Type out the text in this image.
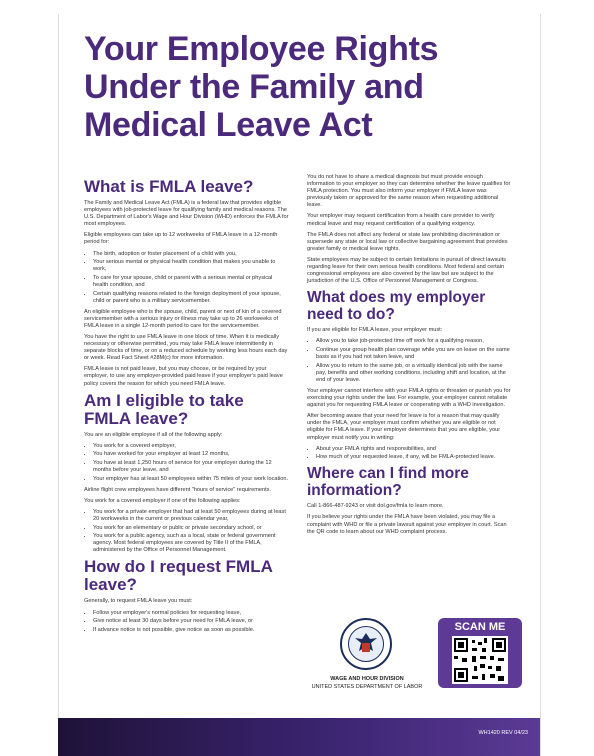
Your Employee Rights Under the Family and Medical Leave Act
What is FMLA leave?

The Family and Medical Leave Act (FMLA) is a federal law that provides eligible employees with job-protected leave for qualifying family and medical reasons. The U.S. Department of Labor's Wage and Hour Division (WHD) enforces the FMLA for most employees.

Eligible employees can take up to 12 workweeks of FMLA leave in a 12-month period for:

• The birth, adoption or foster placement of a child with you,
• Your serious mental or physical health condition that makes you unable to work,
• To care for your spouse, child or parent with a serious mental or physical health condition, and
• Certain qualifying reasons related to the foreign deployment of your spouse, child or parent who is a military servicemember.

An eligible employee who is the spouse, child, parent or next of kin of a covered servicemember with a serious injury or illness may take up to 26 workweeks of FMLA leave in a single 12-month period to care for the servicemember.

You have the right to use FMLA leave in one block of time. When it is medically necessary or otherwise permitted, you may take FMLA leave intermittently in separate blocks of time, or on a reduced schedule by working less hours each day or week. Read Fact Sheet #28M(c) for more information.

FMLA leave is not paid leave, but you may choose, or be required by your employer, to use any employer-provided paid leave if your employer's paid leave policy covers the reason for which you need FMLA leave.

Am I eligible to take FMLA leave?

You are an eligible employee if all of the following apply:

• You work for a covered employer,
• You have worked for your employer at least 12 months,
• You have at least 1,250 hours of service for your employer during the 12 months before your leave, and
• Your employer has at least 50 employees within 75 miles of your work location.

Airline flight crew employees have different "hours of service" requirements.

You work for a covered employer if one of the following applies:

• You work for a private employer that had at least 50 employees during at least 20 workweeks in the current or previous calendar year,
• You work for an elementary or public or private secondary school, or
• You work for a public agency, such as a local, state or federal government agency. Most federal employees are covered by Title II of the FMLA, administered by the Office of Personnel Management.
How do I request FMLA leave?

Generally, to request FMLA leave you must:

• Follow your employer's normal policies for requesting leave,
• Give notice at least 30 days before your need for FMLA leave, or
• If advance notice is not possible, give notice as soon as possible.

You do not have to share a medical diagnosis but must provide enough information to your employer so they can determine whether the leave qualifies for FMLA protection. You must also inform your employer if FMLA leave was previously taken or approved for the same reason when requesting additional leave.

Your employer may request certification from a health care provider to verify medical leave and may request certification of a qualifying exigency.

The FMLA does not affect any federal or state law prohibiting discrimination or supersede any state or local law or collective bargaining agreement that provides greater family or medical leave rights.

State employees may be subject to certain limitations in pursuit of direct lawsuits regarding leave for their own serious health conditions. Most federal and certain congressional employees are also covered by the law but are subject to the jurisdiction of the U.S. Office of Personnel Management or Congress.

What does my employer need to do?

If you are eligible for FMLA leave, your employer must:

• Allow you to take job-protected time off work for a qualifying reason,
• Continue your group health plan coverage while you are on leave on the same basis as if you had not taken leave, and
• Allow you to return to the same job, or a virtually identical job with the same pay, benefits and other working conditions, including shift and location, at the end of your leave.

Your employer cannot interfere with your FMLA rights or threaten or punish you for exercising your rights under the law. For example, your employer cannot retaliate against you for requesting FMLA leave or cooperating with a WHD investigation.

After becoming aware that your need for leave is for a reason that may qualify under the FMLA, your employer must confirm whether you are eligible or not eligible for FMLA leave. If your employer determines that you are eligible, your employer must notify you in writing:

• About your FMLA rights and responsibilities, and
• How much of your requested leave, if any, will be FMLA-protected leave.
Where can I find more information?

Call 1-866-487-9243 or visit dol.gov/fmla to learn more.

If you believe your rights under the FMLA have been violated, you may file a complaint with WHD or file a private lawsuit against your employer in court. Scan the QR code to learn about our WHD complaint process.

WAGE AND HOUR DIVISION
UNITED STATES DEPARTMENT OF LABOR
SCAN ME
WH1420 REV 04/23
